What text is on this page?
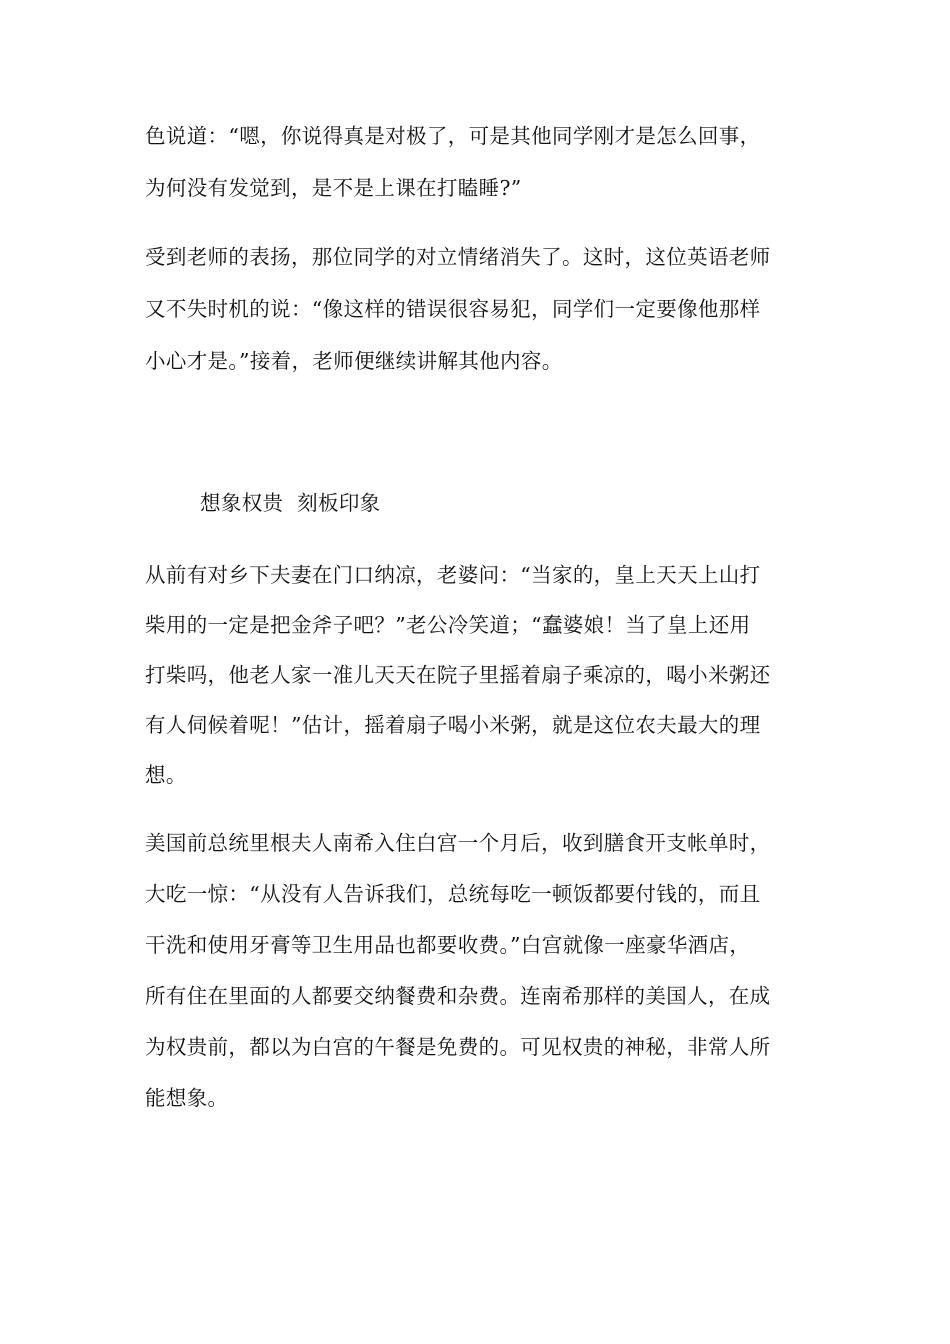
色说道：“嗯，你说得真是对极了，可是其他同学刚才是怎么回事，
为何没有发觉到，是不是上课在打瞌睡?”
受到老师的表扬，那位同学的对立情绪消失了。这时，这位英语老师
又不失时机的说：“像这样的错误很容易犯，同学们一定要像他那样
小心才是。”接着，老师便继续讲解其他内容。
想象权贵  刻板印象
从前有对乡下夫妻在门口纳凉，老婆问：“当家的，皇上天天上山打
柴用的一定是把金斧子吧？”老公冷笑道；“蠢婆娘！当了皇上还用
打柴吗，他老人家一准儿天天在院子里摇着扇子乘凉的，喝小米粥还
有人伺候着呢！”估计，摇着扇子喝小米粥，就是这位农夫最大的理
想。
美国前总统里根夫人南希入住白宫一个月后，收到膳食开支帐单时，
大吃一惊：“从没有人告诉我们，总统每吃一顿饭都要付钱的，而且
干洗和使用牙膏等卫生用品也都要收费。”白宫就像一座豪华酒店，
所有住在里面的人都要交纳餐费和杂费。连南希那样的美国人，在成
为权贵前，都以为白宫的午餐是免费的。可见权贵的神秘，非常人所
能想象。
